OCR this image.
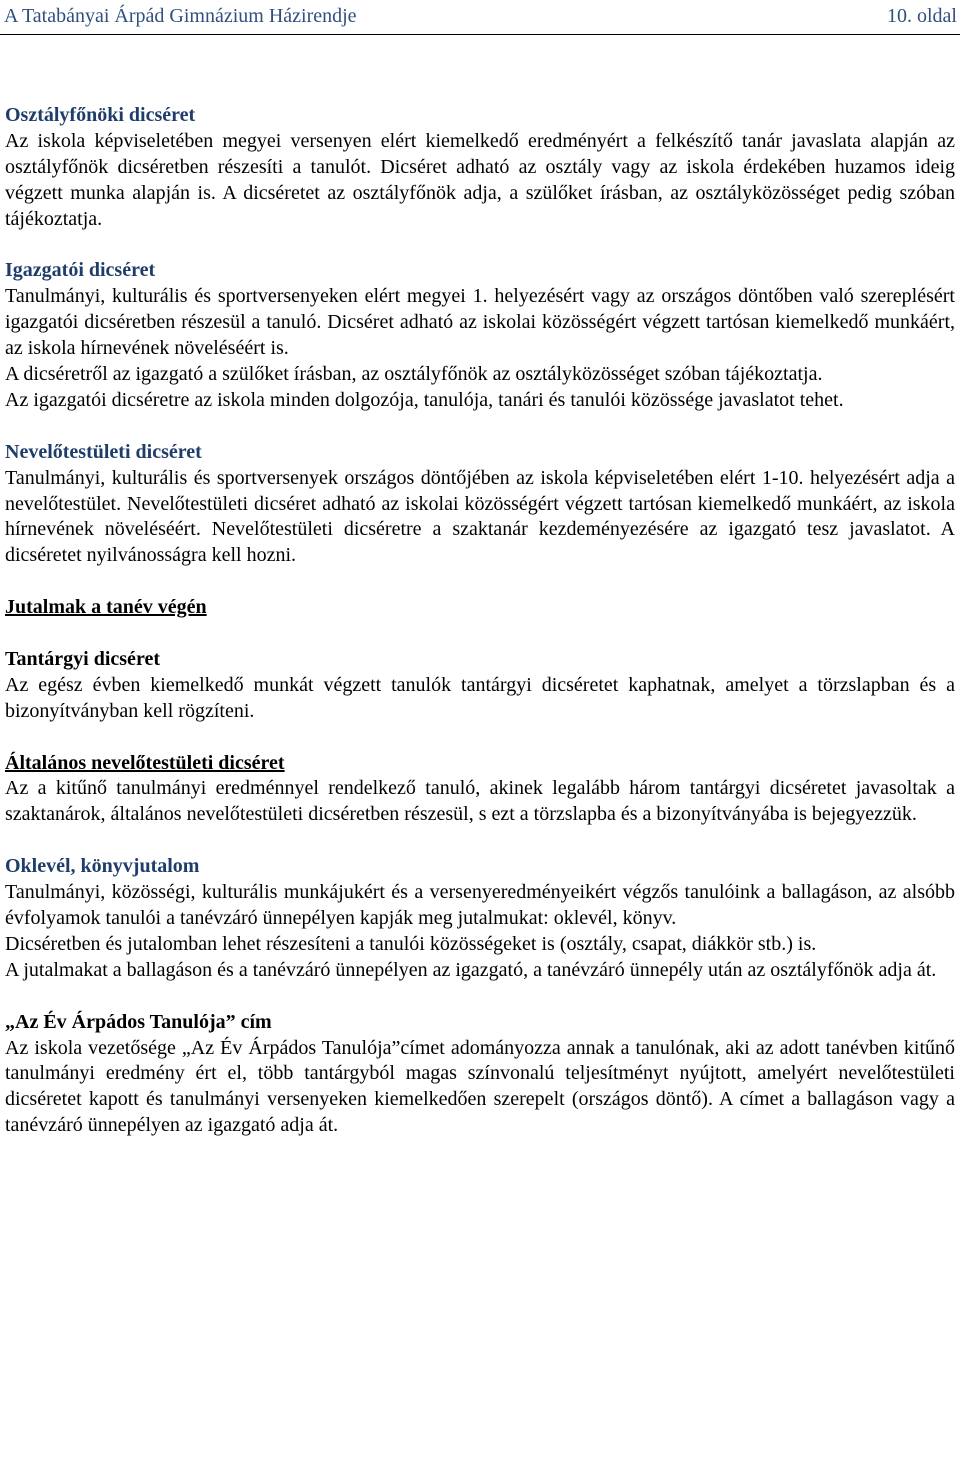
A Tatabányai Árpád Gimnázium Házirendje	10. oldal
Osztályfőnöki dicséret

Az iskola képviseletében megyei versenyen elért kiemelkedő eredményért a felkészítő tanár javaslata alapján az osztályfőnök dicséretben részesíti a tanulót. Dicséret adható az osztály vagy az iskola érdekében huzamos ideig végzett munka alapján is. A dicséretet az osztályfőnök adja, a szülőket írásban, az osztályközösséget pedig szóban tájékoztatja.

Igazgatói dicséret

Tanulmányi, kulturális és sportversenyeken elért megyei 1. helyezésért vagy az országos döntőben való szereplésért igazgatói dicséretben részesül a tanuló. Dicséret adható az iskolai közösségért végzett tartósan kiemelkedő munkáért, az iskola hírnevének növeléséért is.

A dicséretről az igazgató a szülőket írásban, az osztályfőnök az osztályközösséget szóban tájékoztatja.

Az igazgatói dicséretre az iskola minden dolgozója, tanulója, tanári és tanulói közössége javaslatot tehet.

Nevelőtestületi dicséret

Tanulmányi, kulturális és sportversenyek országos döntőjében az iskola képviseletében elért 1-10. helyezésért adja a nevelőtestület. Nevelőtestületi dicséret adható az iskolai közösségért végzett tartósan kiemelkedő munkáért, az iskola hírnevének növeléséért. Nevelőtestületi dicséretre a szaktanár kezdeményezésére az igazgató tesz javaslatot. A dicséretet nyilvánosságra kell hozni.

Jutalmak a tanév végén
Tantárgyi dicséret

Az egész évben kiemelkedő munkát végzett tanulók tantárgyi dicséretet kaphatnak, amelyet a törzslapban és a bizonyítványban kell rögzíteni.

Általános nevelőtestületi dicséret

Az a kitűnő tanulmányi eredménnyel rendelkező tanuló, akinek legalább három tantárgyi dicséretet javasoltak a szaktanárok, általános nevelőtestületi dicséretben részesül, s ezt a törzslapba és a bizonyítványába is bejegyezzük.

Oklevél, könyvjutalom

Tanulmányi, közösségi, kulturális munkájukért és a versenyeredményeikért végzős tanulóink a ballagáson, az alsóbb évfolyamok tanulói a tanévzáró ünnepélyen kapják meg jutalmukat: oklevél, könyv.

Dicséretben és jutalomban lehet részesíteni a tanulói közösségeket is (osztály, csapat, diákkör stb.) is.

A jutalmakat a ballagáson és a tanévzáró ünnepélyen az igazgató, a tanévzáró ünnepély után az osztályfőnök adja át.

„Az Év Árpádos Tanulója” cím

Az iskola vezetősége „Az Év Árpádos Tanulója”címet adományozza annak a tanulónak, aki az adott tanévben kitűnő tanulmányi eredmény ért el, több tantárgyból magas színvonalú teljesítményt nyújtott, amelyért nevelőtestületi dicséretet kapott és tanulmányi versenyeken kiemelkedően szerepelt (országos döntő). A címet a ballagáson vagy a tanévzáró ünnepélyen az igazgató adja át.
